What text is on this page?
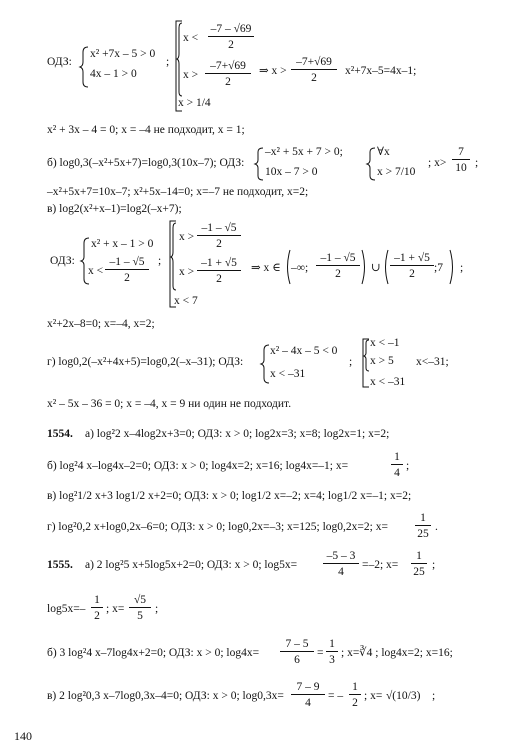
ОДЗ:
x² +7x – 5 > 0
4x – 1 > 0
;
x <
–7 – √69
2
x >
–7+√69
2
x > 1/4
⇒ x >
–7+√69
2
x²+7x–5=4x–1;
x² + 3x – 4 = 0; x = –4 не подходит, x = 1;
б) log0,3(–x²+5x+7)=log0,3(10x–7); ОДЗ:
–x² + 5x + 7 > 0;
10x – 7 > 0
∀x
x > 7/10
; x>
7
10 ;
–x²+5x+7=10x–7; x²+5x–14=0; x=–7 не подходит, x=2;
в) log2(x²+x–1)=log2(–x+7);
ОДЗ:
x² + x – 1 > 0
x <
–1 – √5
2
;
x >
–1 – √5
2
x >
–1 + √5
2
x < 7
⇒ x ∈ –∞;
–1 – √5
2	∪
–1 + √5
2	;7 ;
x²+2x–8=0; x=–4, x=2;
г) log0,2(–x²+4x+5)=log0,2(–x–31); ОДЗ:
x² – 4x – 5 < 0
x < –31
;
x < –1
x > 5
x < –31
x<–31;
x² – 5x – 36 = 0; x = –4, x = 9 ни один не подходит.
1554. а) log²2 x–4log2x+3=0; ОДЗ: x > 0; log2x=3; x=8; log2x=1; x=2;
б) log²4 x–log4x–2=0; ОДЗ: x > 0; log4x=2; x=16; log4x=–1; x=
1
4
;
в) log²1/2 x+3 log1/2 x+2=0; ОДЗ: x > 0; log1/2 x=–2; x=4; log1/2 x=–1; x=2;
г) log²0,2 x+log0,2x–6=0; ОДЗ: x > 0; log0,2x=–3; x=125; log0,2x=2; x=
1
25
.
1555. а) 2 log²5 x+5log5x+2=0; ОДЗ: x > 0; log5x=
–5 – 3
4
=–2; x=
1
25
;
log5x=–
1
2
; x=
√5
5
;
б) 3 log²4 x–7log4x+2=0; ОДЗ: x > 0; log4x=
7 – 5
6
=
1
3
; x=∛4 ; log4x=2; x=16;
в) 2 log²0,3 x–7log0,3x–4=0; ОДЗ: x > 0; log0,3x=
7 – 9
4
= –
1
2
; x= √(10/3) ;
140
